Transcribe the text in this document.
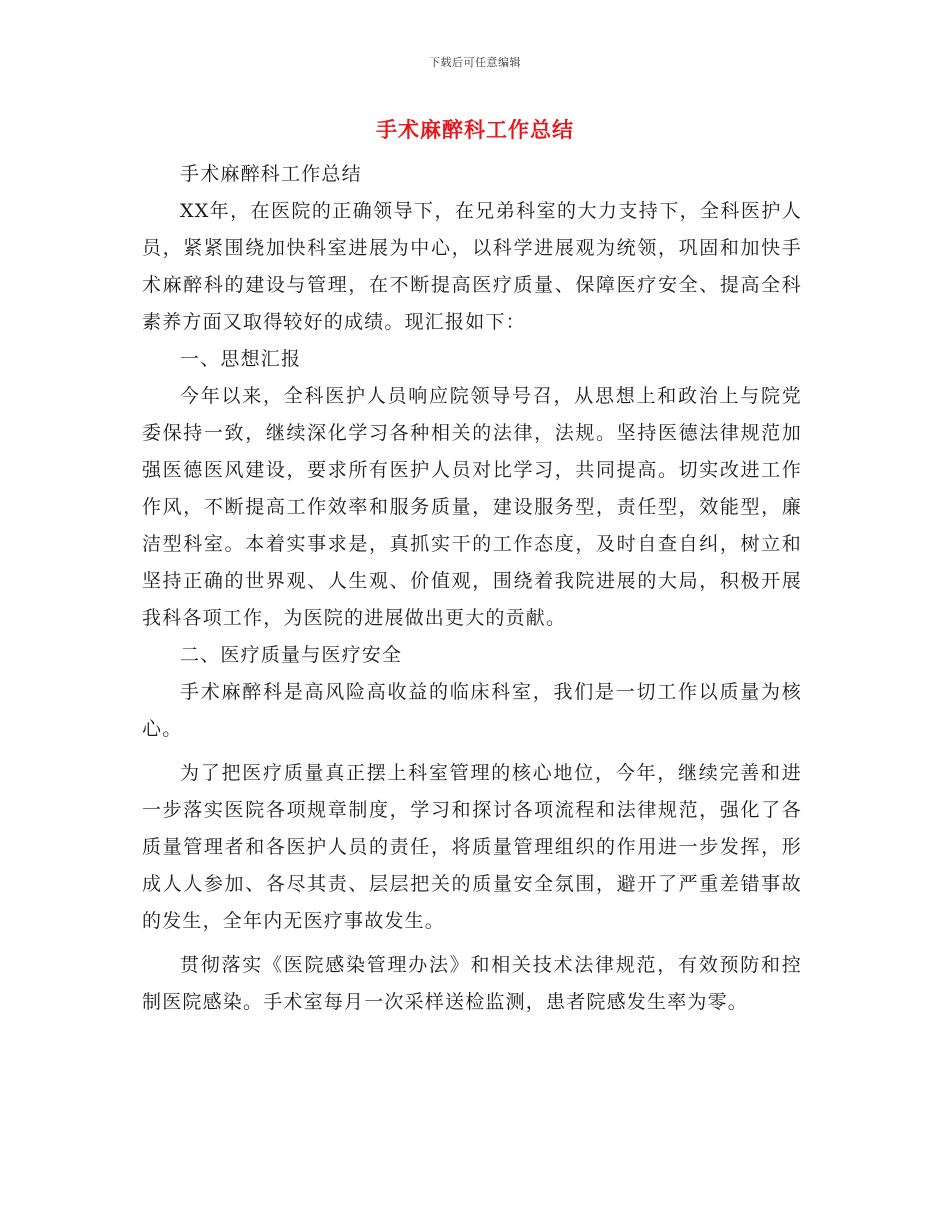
下载后可任意编辑
手术麻醉科工作总结

手术麻醉科工作总结

XX年，在医院的正确领导下，在兄弟科室的大力支持下，全科医护人员，紧紧围绕加快科室进展为中心，以科学进展观为统领，巩固和加快手术麻醉科的建设与管理，在不断提高医疗质量、保障医疗安全、提高全科素养方面又取得较好的成绩。现汇报如下：

一、思想汇报

今年以来，全科医护人员响应院领导号召，从思想上和政治上与院党委保持一致，继续深化学习各种相关的法律，法规。坚持医德法律规范加强医德医风建设，要求所有医护人员对比学习，共同提高。切实改进工作作风，不断提高工作效率和服务质量，建设服务型，责任型，效能型，廉洁型科室。本着实事求是，真抓实干的工作态度，及时自查自纠，树立和坚持正确的世界观、人生观、价值观，围绕着我院进展的大局，积极开展我科各项工作，为医院的进展做出更大的贡献。

二、医疗质量与医疗安全

手术麻醉科是高风险高收益的临床科室，我们是一切工作以质量为核心。

为了把医疗质量真正摆上科室管理的核心地位，今年，继续完善和进一步落实医院各项规章制度，学习和探讨各项流程和法律规范，强化了各质量管理者和各医护人员的责任，将质量管理组织的作用进一步发挥，形成人人参加、各尽其责、层层把关的质量安全氛围，避开了严重差错事故的发生，全年内无医疗事故发生。

贯彻落实《医院感染管理办法》和相关技术法律规范，有效预防和控制医院感染。手术室每月一次采样送检监测，患者院感发生率为零。
